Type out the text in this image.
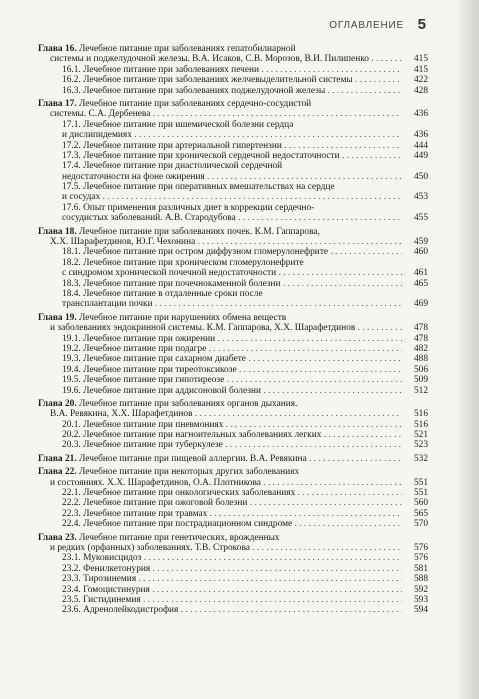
ОГЛАВЛЕНИЕ 5
Глава 16. Лечебное питание при заболеваниях гепатобилиарной
системы и поджелудочной железы. В.А. Исаков, С.В. Морозов, В.И. Пилипенко . . .	415
16.1. Лечебное питание при заболеваниях печени . . .	415
16.2. Лечебное питание при заболеваниях желчевыделительной системы . . .	422
16.3. Лечебное питание при заболеваниях поджелудочной железы . . .	428
Глава 17. Лечебное питание при заболеваниях сердечно-сосудистой
системы. С.А. Дербенева . . .	436
17.1. Лечебное питание при ишемической болезни сердца
и дислипидемиях . . .	436
17.2. Лечебное питание при артериальной гипертензии . . .	444
17.3. Лечебное питание при хронической сердечной недостаточности . . .	449
17.4. Лечебное питание при диастолической сердечной
недостаточности на фоне ожирения . . .	450
17.5. Лечебное питание при оперативных вмешательствах на сердце
и сосудах . . .	453
17.6. Опыт применения различных диет в коррекции сердечно-
сосудистых заболеваний. А.В. Стародубова . . .	455
Глава 18. Лечебное питание при заболеваниях почек. К.М. Гаппарова,
Х.Х. Шарафетдинов, Ю.Г. Чехонина . . .	459
18.1. Лечебное питание при остром диффузном гломерулонефрите . . .	460
18.2. Лечебное питание при хроническом гломерулонефрите
с синдромом хронической почечной недостаточности . . .	461
18.3. Лечебное питание при почечнокаменной болезни . . .	465
18.4. Лечебное питание в отдаленные сроки после
трансплантации почки . . .	469
Глава 19. Лечебное питание при нарушениях обмена веществ
и заболеваниях эндокринной системы. К.М. Гаппарова, Х.Х. Шарафетдинов . . .	478
19.1. Лечебное питание при ожирении . . .	478
19.2. Лечебное питание при подагре . . .	482
19.3. Лечебное питание при сахарном диабете . . .	488
19.4. Лечебное питание при тиреотоксикозе . . .	506
19.5. Лечебное питание при гипотиреозе . . .	509
19.6. Лечебное питание при аддисоновой болезни . . .	512
Глава 20. Лечебное питание при заболеваниях органов дыхания.
В.А. Ревякина, Х.Х. Шарафетдинов . . .	516
20.1. Лечебное питание при пневмониях . . .	516
20.2. Лечебное питание при нагноительных заболеваниях легких . . .	521
20.3. Лечебное питание при туберкулезе . . .	523
Глава 21. Лечебное питание при пищевой аллергии. В.А. Ревякина . . .	532
Глава 22. Лечебное питание при некоторых других заболеваниях
и состояниях. Х.Х. Шарафетдинов, О.А. Плотникова . . .	551
22.1. Лечебное питание при онкологических заболеваниях . . .	551
22.2. Лечебное питание при ожоговой болезни . . .	560
22.3. Лечебное питание при травмах . . .	565
22.4. Лечебное питание при пострадиационном синдроме . . .	570
Глава 23. Лечебное питание при генетических, врожденных
и редких (орфанных) заболеваниях. Т.В. Строкова . . .	576
23.1. Муковисцидоз . . .	576
23.2. Фенилкетонурия . . .	581
23.3. Тирозинемия . . .	588
23.4. Гомоцистинурия . . .	592
23.5. Гистидинемия . . .	593
23.6. Адренолейкодистрофия . . .	594
